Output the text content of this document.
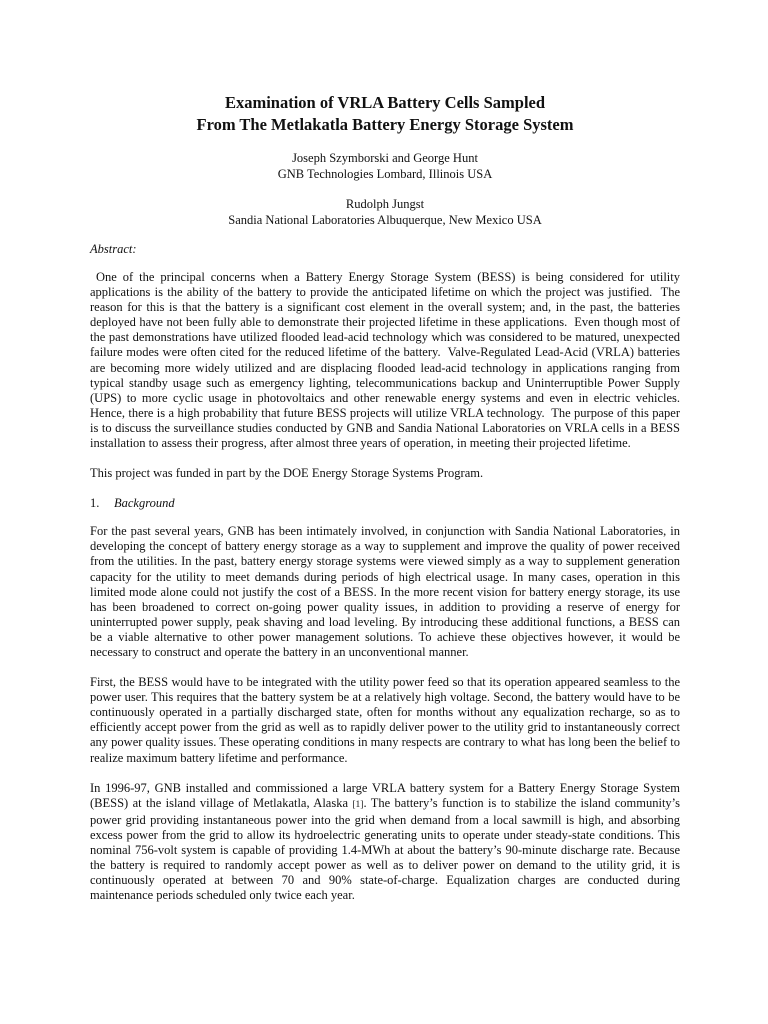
Examination of VRLA Battery Cells Sampled
From The Metlakatla Battery Energy Storage System
Joseph Szymborski and George Hunt
GNB Technologies Lombard, Illinois USA
Rudolph Jungst
Sandia National Laboratories Albuquerque, New Mexico USA
Abstract:

One of the principal concerns when a Battery Energy Storage System (BESS) is being considered for utility applications is the ability of the battery to provide the anticipated lifetime on which the project was justified.  The reason for this is that the battery is a significant cost element in the overall system; and, in the past, the batteries deployed have not been fully able to demonstrate their projected lifetime in these applications.  Even though most of the past demonstrations have utilized flooded lead-acid technology which was considered to be matured, unexpected failure modes were often cited for the reduced lifetime of the battery.  Valve-Regulated Lead-Acid (VRLA) batteries are becoming more widely utilized and are displacing flooded lead-acid technology in applications ranging from typical standby usage such as emergency lighting, telecommunications backup and Uninterruptible Power Supply (UPS) to more cyclic usage in photovoltaics and other renewable energy systems and even in electric vehicles.  Hence, there is a high probability that future BESS projects will utilize VRLA technology.  The purpose of this paper is to discuss the surveillance studies conducted by GNB and Sandia National Laboratories on VRLA cells in a BESS installation to assess their progress, after almost three years of operation, in meeting their projected lifetime.

This project was funded in part by the DOE Energy Storage Systems Program.

1. Background

For the past several years, GNB has been intimately involved, in conjunction with Sandia National Laboratories, in developing the concept of battery energy storage as a way to supplement and improve the quality of power received from the utilities. In the past, battery energy storage systems were viewed simply as a way to supplement generation capacity for the utility to meet demands during periods of high electrical usage. In many cases, operation in this limited mode alone could not justify the cost of a BESS. In the more recent vision for battery energy storage, its use has been broadened to correct on-going power quality issues, in addition to providing a reserve of energy for uninterrupted power supply, peak shaving and load leveling. By introducing these additional functions, a BESS can be a viable alternative to other power management solutions. To achieve these objectives however, it would be necessary to construct and operate the battery in an unconventional manner.

First, the BESS would have to be integrated with the utility power feed so that its operation appeared seamless to the power user. This requires that the battery system be at a relatively high voltage. Second, the battery would have to be continuously operated in a partially discharged state, often for months without any equalization recharge, so as to efficiently accept power from the grid as well as to rapidly deliver power to the utility grid to instantaneously correct any power quality issues. These operating conditions in many respects are contrary to what has long been the belief to realize maximum battery lifetime and performance.

In 1996-97, GNB installed and commissioned a large VRLA battery system for a Battery Energy Storage System (BESS) at the island village of Metlakatla, Alaska [1]. The battery’s function is to stabilize the island community’s power grid providing instantaneous power into the grid when demand from a local sawmill is high, and absorbing excess power from the grid to allow its hydroelectric generating units to operate under steady-state conditions. This nominal 756-volt system is capable of providing 1.4-MWh at about the battery’s 90-minute discharge rate. Because the battery is required to randomly accept power as well as to deliver power on demand to the utility grid, it is continuously operated at between 70 and 90% state-of-charge. Equalization charges are conducted during maintenance periods scheduled only twice each year.
